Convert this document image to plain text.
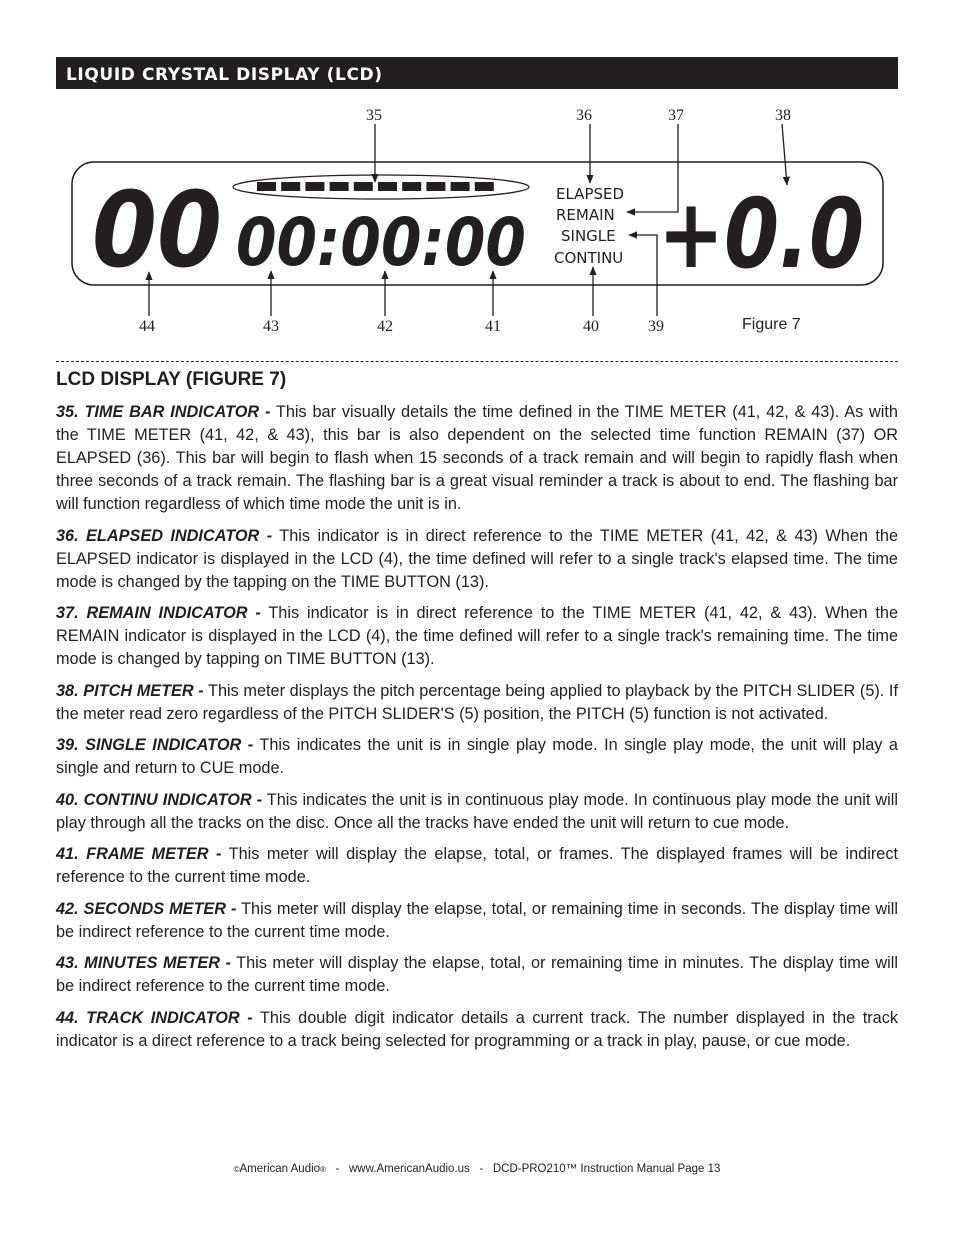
LIQUID CRYSTAL DISPLAY (LCD)
00 00:00:00 +0.0
ELAPSED
REMAIN
SINGLE
CONTINU
35	36	37	38
44	43	42	41	40	39	Figure 7
LCD DISPLAY (FIGURE 7)

35. TIME BAR INDICATOR - This bar visually details the time defined in the TIME METER (41, 42, & 43). As with the TIME METER (41, 42, & 43), this bar is also dependent on the selected time function REMAIN (37) OR ELAPSED (36). This bar will begin to flash when 15 seconds of a track remain and will begin to rapidly flash when three seconds of a track remain. The flashing bar is a great visual reminder a track is about to end. The flashing bar will function regardless of which time mode the unit is in.

36. ELAPSED INDICATOR - This indicator is in direct reference to the TIME METER (41, 42, & 43) When the ELAPSED indicator is displayed in the LCD (4), the time defined will refer to a single track's elapsed time. The time mode is changed by the tapping on the TIME BUTTON (13).

37. REMAIN INDICATOR - This indicator is in direct reference to the TIME METER (41, 42, & 43). When the REMAIN indicator is displayed in the LCD (4), the time defined will refer to a single track's remaining time. The time mode is changed by tapping on TIME BUTTON (13).

38. PITCH METER - This meter displays the pitch percentage being applied to playback by the PITCH SLIDER (5). If the meter read zero regardless of the PITCH SLIDER'S (5) position, the PITCH (5) function is not activated.

39. SINGLE INDICATOR - This indicates the unit is in single play mode. In single play mode, the unit will play a single and return to CUE mode.

40. CONTINU INDICATOR - This indicates the unit is in continuous play mode. In continuous play mode the unit will play through all the tracks on the disc. Once all the tracks have ended the unit will return to cue mode.

41. FRAME METER - This meter will display the elapse, total, or frames. The displayed frames will be indirect reference to the current time mode.

42. SECONDS METER - This meter will display the elapse, total, or remaining time in seconds. The display time will be indirect reference to the current time mode.

43. MINUTES METER - This meter will display the elapse, total, or remaining time in minutes. The display time will be indirect reference to the current time mode.

44. TRACK INDICATOR - This double digit indicator details a current track. The number displayed in the track indicator is a direct reference to a track being selected for programming or a track in play, pause, or cue mode.

©American Audio® - www.AmericanAudio.us - DCD-PRO210™ Instruction Manual Page 13
